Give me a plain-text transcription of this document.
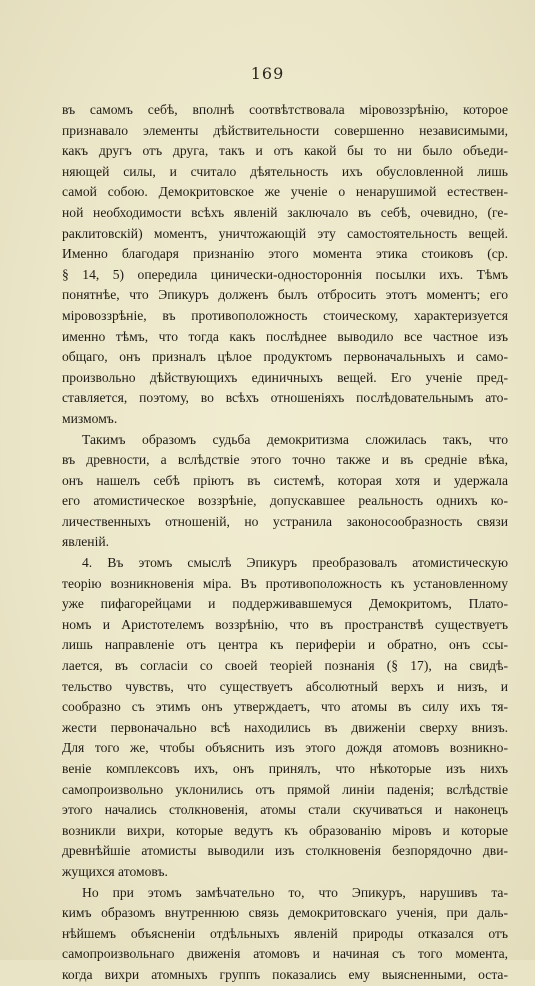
169
въ самомъ себѣ, вполнѣ соотвѣтствовала міровоззрѣнію, которое
признавало элементы дѣйствительности совершенно независимыми,
какъ другъ отъ друга, такъ и отъ какой бы то ни было объеди-
няющей силы, и считало дѣятельность ихъ обусловленной лишь
самой собою. Демокритовское же ученіе о ненарушимой естествен-
ной необходимости всѣхъ явленій заключало въ себѣ, очевидно, (ге-
раклитовскій) моментъ, уничтожающій эту самостоятельность вещей.
Именно благодаря признанію этого момента этика стоиковъ (ср.
§ 14, 5) опередила цинически-одностороннія посылки ихъ. Тѣмъ
понятнѣе, что Эпикуръ долженъ былъ отбросить этотъ моментъ; его
міровоззрѣніе, въ противоположность стоическому, характеризуется
именно тѣмъ, что тогда какъ послѣднее выводило все частное изъ
общаго, онъ призналъ цѣлое продуктомъ первоначальныхъ и само-
произвольно дѣйствующихъ единичныхъ вещей. Его ученіе пред-
ставляется, поэтому, во всѣхъ отношеніяхъ послѣдовательнымъ ато-
мизмомъ.
Такимъ образомъ судьба демокритизма сложилась такъ, что
въ древности, а вслѣдствіе этого точно также и въ средніе вѣка,
онъ нашелъ себѣ пріютъ въ системѣ, которая хотя и удержала
его атомистическое воззрѣніе, допускавшее реальность однихъ ко-
личественныхъ отношеній, но устранила законосообразность связи
явленій.
4. Въ этомъ смыслѣ Эпикуръ преобразовалъ атомистическую
теорію возникновенія міра. Въ противоположность къ установленному
уже пифагорейцами и поддерживавшемуся Демокритомъ, Плато-
номъ и Аристотелемъ воззрѣнію, что въ пространствѣ существуетъ
лишь направленіе отъ центра къ периферіи и обратно, онъ ссы-
лается, въ согласіи со своей теоріей познанія (§ 17), на свидѣ-
тельство чувствъ, что существуетъ абсолютный верхъ и низъ, и
сообразно съ этимъ онъ утверждаетъ, что атомы въ силу ихъ тя-
жести первоначально всѣ находились въ движеніи сверху внизъ.
Для того же, чтобы объяснить изъ этого дождя атомовъ возникно-
веніе комплексовъ ихъ, онъ принялъ, что нѣкоторые изъ нихъ
самопроизвольно уклонились отъ прямой линіи паденія; вслѣдствіе
этого начались столкновенія, атомы стали скучиваться и наконецъ
возникли вихри, которые ведутъ къ образованію міровъ и которые
древнѣйшіе атомисты выводили изъ столкновенія безпорядочно дви-
жущихся атомовъ.
Но при этомъ замѣчательно то, что Эпикуръ, нарушивъ та-
кимъ образомъ внутреннюю связь демокритовскаго ученія, при даль-
нѣйшемъ объясненіи отдѣльныхъ явленій природы отказался отъ
самопроизвольнаго движенія атомовъ и начиная съ того момента,
когда вихри атомныхъ группъ показались ему выясненными, оста-
